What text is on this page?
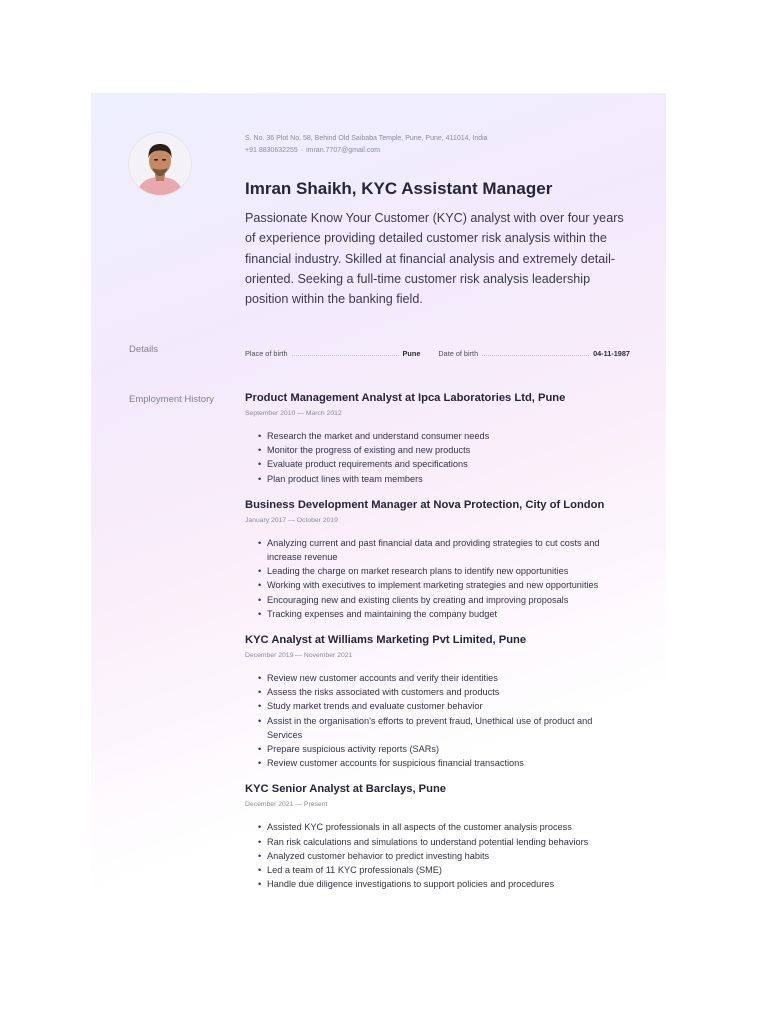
S. No. 36 Plot No. 58, Behind Old Saibaba Temple, Pune, Pune, 411014, India
+91 8830632255 · imran.7707@gmail.com
Imran Shaikh, KYC Assistant Manager

Passionate Know Your Customer (KYC) analyst with over four years of experience providing detailed customer risk analysis within the financial industry. Skilled at financial analysis and extremely detail-oriented. Seeking a full-time customer risk analysis leadership position within the banking field.

Details	Place of birth	Pune Date of birth	04-11-1987
Employment History	Product Management Analyst at Ipca Laboratories Ltd, Pune
September 2010 — March 2012
• Research the market and understand consumer needs
• Monitor the progress of existing and new products
• Evaluate product requirements and specifications
• Plan product lines with team members
Business Development Manager at Nova Protection, City of London
January 2017 — October 2019
• Analyzing current and past financial data and providing strategies to cut costs and increase revenue
• Leading the charge on market research plans to identify new opportunities
• Working with executives to implement marketing strategies and new opportunities
• Encouraging new and existing clients by creating and improving proposals
• Tracking expenses and maintaining the company budget
KYC Analyst at Williams Marketing Pvt Limited, Pune
December 2019 — November 2021
• Review new customer accounts and verify their identities
• Assess the risks associated with customers and products
• Study market trends and evaluate customer behavior
• Assist in the organisation's efforts to prevent fraud, Unethical use of product and Services
• Prepare suspicious activity reports (SARs)
• Review customer accounts for suspicious financial transactions
KYC Senior Analyst at Barclays, Pune
December 2021 — Present
• Assisted KYC professionals in all aspects of the customer analysis process
• Ran risk calculations and simulations to understand potential lending behaviors
• Analyzed customer behavior to predict investing habits
• Led a team of 11 KYC professionals (SME)
• Handle due diligence investigations to support policies and procedures
